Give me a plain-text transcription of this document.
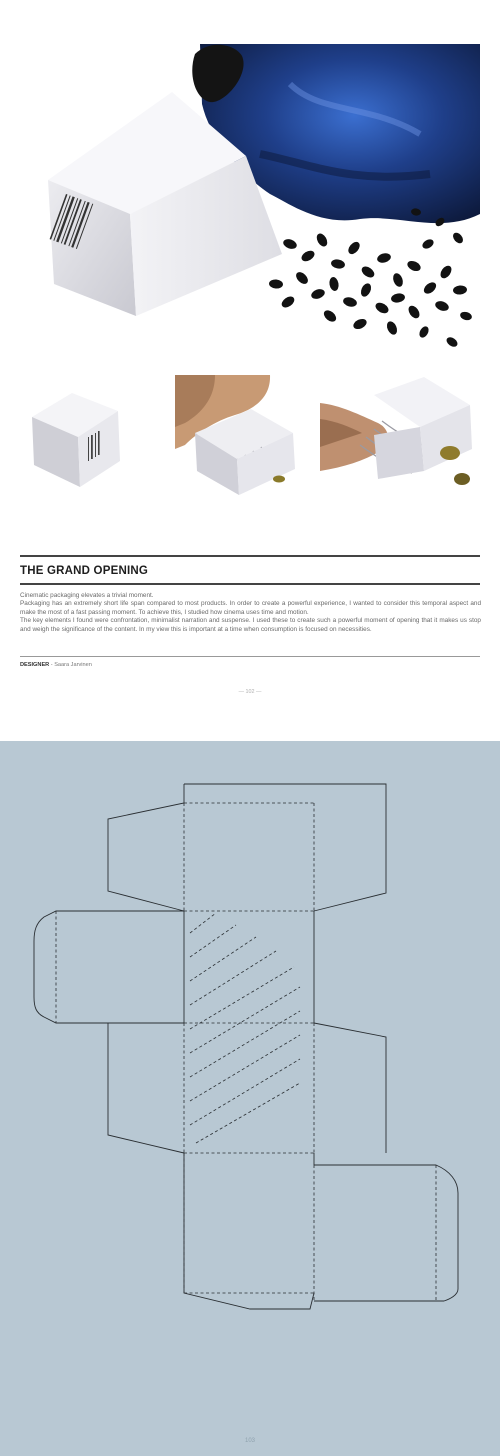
THE GRAND OPENING

Cinematic packaging elevates a trivial moment.

Packaging has an extremely short life span compared to most products. In order to create a powerful experience, I wanted to consider this temporal aspect and make the most of a fast passing moment. To achieve this, I studied how cinema uses time and motion.

The key elements I found were confrontation, minimalist narration and suspense. I used these to create such a powerful moment of opening that it makes us stop and weigh the significance of the content. In my view this is important at a time when consumption is focused on necessities.

DESIGNER - Saara Jarvinen
— 102 —
103
